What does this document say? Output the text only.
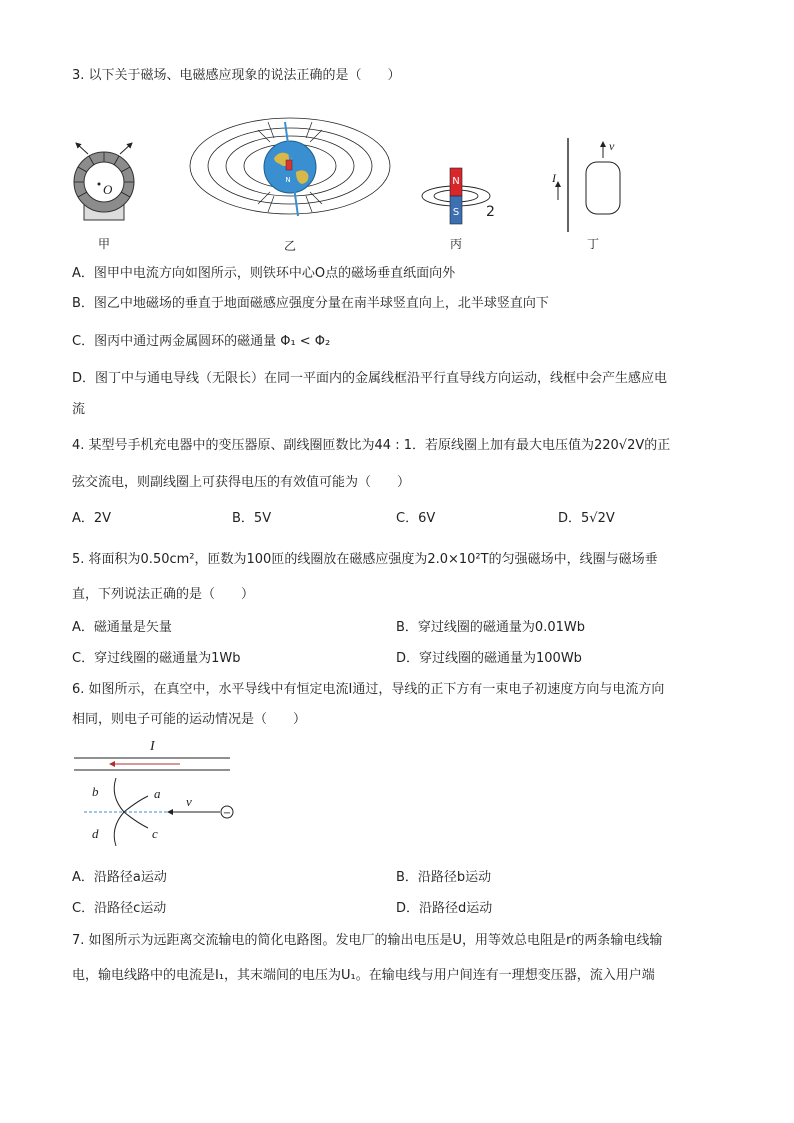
3. 以下关于磁场、电磁感应现象的说法正确的是（　　）
O
甲
N
乙
N
S 2
丙
I
v
丁
A．图甲中电流方向如图所示，则铁环中心O点的磁场垂直纸面向外
B．图乙中地磁场的垂直于地面磁感应强度分量在南半球竖直向上，北半球竖直向下
C．图丙中通过两金属圆环的磁通量 Φ₁ < Φ₂
D．图丁中与通电导线（无限长）在同一平面内的金属线框沿平行直导线方向运动，线框中会产生感应电
流
4. 某型号手机充电器中的变压器原、副线圈匝数比为44 : 1．若原线圈上加有最大电压值为220√2V的正
弦交流电，则副线圈上可获得电压的有效值可能为（　　）
A．2V	B．5V	C．6V	D．5√2V
5. 将面积为0.50cm²，匝数为100匝的线圈放在磁感应强度为2.0×10²T的匀强磁场中，线圈与磁场垂
直，下列说法正确的是（　　）
A．磁通量是矢量	B．穿过线圈的磁通量为0.01Wb
C．穿过线圈的磁通量为1Wb	D．穿过线圈的磁通量为100Wb
6. 如图所示，在真空中，水平导线中有恒定电流I通过，导线的正下方有一束电子初速度方向与电流方向
相同，则电子可能的运动情况是（　　）
I
b	a
d	c
v
−
A．沿路径a运动	B．沿路径b运动
C．沿路径c运动	D．沿路径d运动
7. 如图所示为远距离交流输电的简化电路图。发电厂的输出电压是U，用等效总电阻是r的两条输电线输
电，输电线路中的电流是I₁，其末端间的电压为U₁。在输电线与用户间连有一理想变压器，流入用户端
